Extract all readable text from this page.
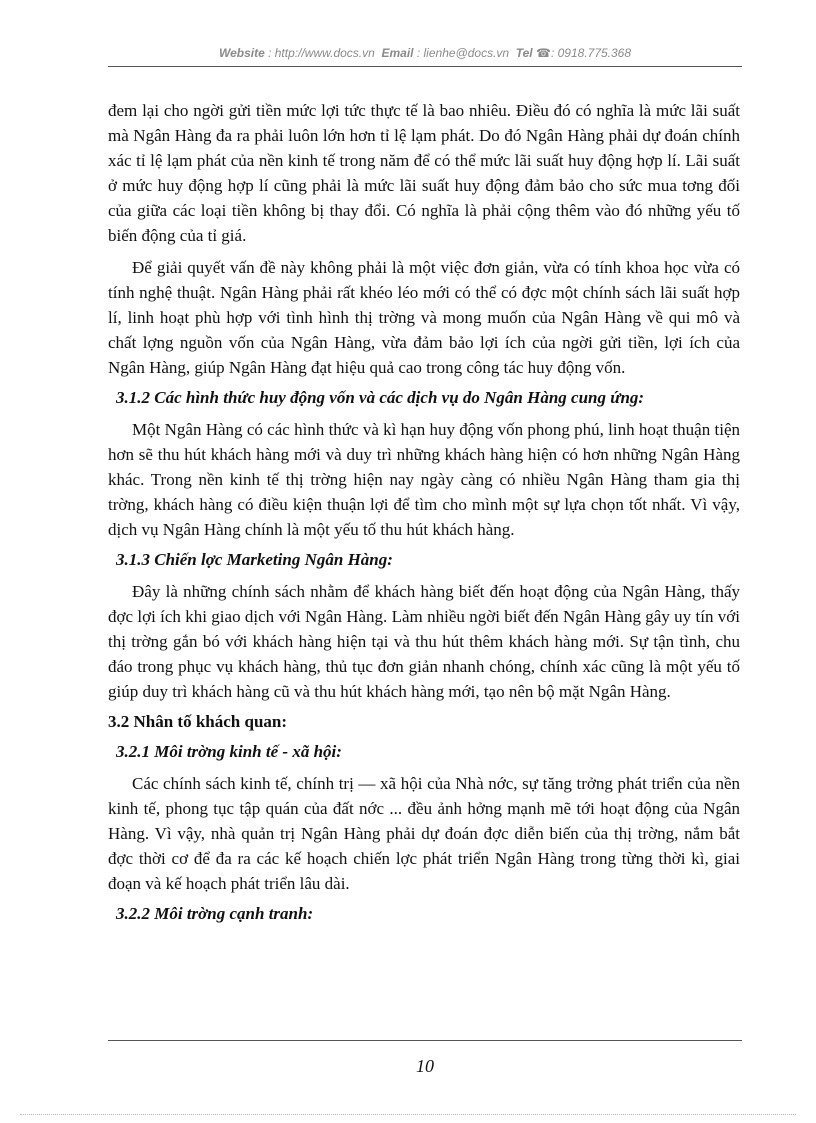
Website : http://www.docs.vn Email : lienhe@docs.vn Tel ☎: 0918.775.368

đem lại cho ngời gửi tiền mức lợi tức thực tế là bao nhiêu. Điều đó có nghĩa là mức lãi suất mà Ngân Hàng đa ra phải luôn lớn hơn tỉ lệ lạm phát. Do đó Ngân Hàng phải dự đoán chính xác tỉ lệ lạm phát của nền kinh tế trong năm để có thể mức lãi suất huy động hợp lí. Lãi suất ở mức huy động hợp lí cũng phải là mức lãi suất huy động đảm bảo cho sức mua tơng đối của giữa các loại tiền không bị thay đổi. Có nghĩa là phải cộng thêm vào đó những yếu tố biến động của tỉ giá.

Để giải quyết vấn đề này không phải là một việc đơn giản, vừa có tính khoa học vừa có tính nghệ thuật. Ngân Hàng phải rất khéo léo mới có thể có đợc một chính sách lãi suất hợp lí, linh hoạt phù hợp với tình hình thị trờng và mong muốn của Ngân Hàng về qui mô và chất lợng nguồn vốn của Ngân Hàng, vừa đảm bảo lợi ích của ngời gửi tiền, lợi ích của Ngân Hàng, giúp Ngân Hàng đạt hiệu quả cao trong công tác huy động vốn.

3.1.2 Các hình thức huy động vốn và các dịch vụ do Ngân Hàng cung ứng:

Một Ngân Hàng có các hình thức và kì hạn huy động vốn phong phú, linh hoạt thuận tiện hơn sẽ thu hút khách hàng mới và duy trì những khách hàng hiện có hơn những Ngân Hàng khác. Trong nền kinh tế thị trờng hiện nay ngày càng có nhiều Ngân Hàng tham gia thị trờng, khách hàng có điều kiện thuận lợi để tìm cho mình một sự lựa chọn tốt nhất. Vì vậy, dịch vụ Ngân Hàng chính là một yếu tố thu hút khách hàng.

3.1.3 Chiến lợc Marketing Ngân Hàng:

Đây là những chính sách nhằm để khách hàng biết đến hoạt động của Ngân Hàng, thấy đợc lợi ích khi giao dịch với Ngân Hàng. Làm nhiều ngời biết đến Ngân Hàng gây uy tín với thị trờng gắn bó với khách hàng hiện tại và thu hút thêm khách hàng mới. Sự tận tình, chu đáo trong phục vụ khách hàng, thủ tục đơn giản nhanh chóng, chính xác cũng là một yếu tố giúp duy trì khách hàng cũ và thu hút khách hàng mới, tạo nên bộ mặt Ngân Hàng.

3.2 Nhân tố khách quan:
3.2.1 Môi trờng kinh tế - xã hội:

Các chính sách kinh tế, chính trị — xã hội của Nhà nớc, sự tăng trởng phát triển của nền kinh tế, phong tục tập quán của đất nớc ... đều ảnh hởng mạnh mẽ tới hoạt động của Ngân Hàng. Vì vậy, nhà quản trị Ngân Hàng phải dự đoán đợc diễn biến của thị trờng, nắm bắt đợc thời cơ để đa ra các kế hoạch chiến lợc phát triển Ngân Hàng trong từng thời kì, giai đoạn và kế hoạch phát triển lâu dài.

3.2.2 Môi trờng cạnh tranh:
10
